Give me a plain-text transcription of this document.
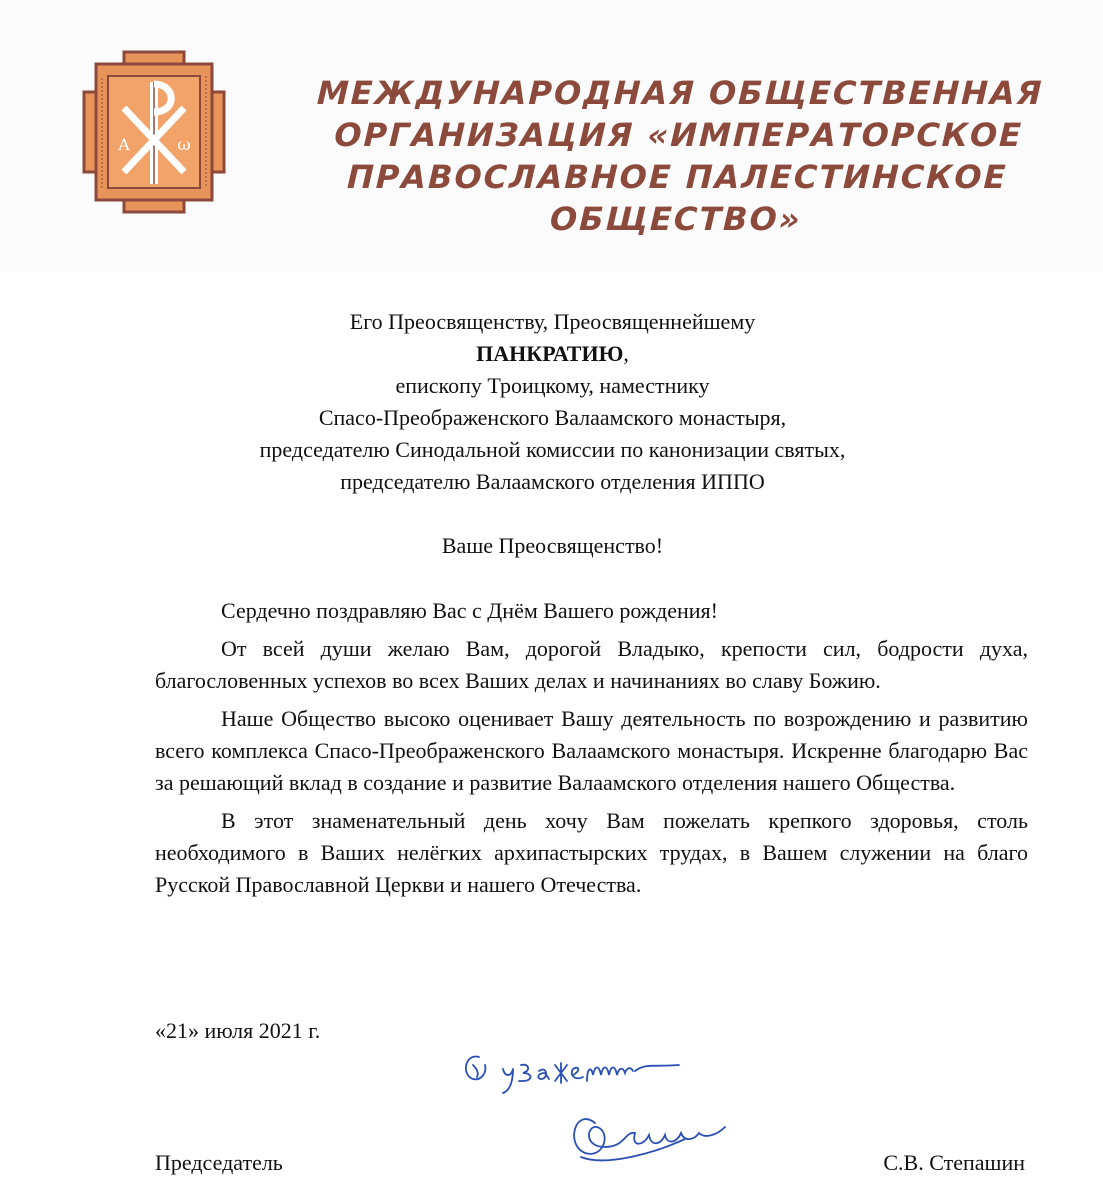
Α	ω
МЕЖДУНАРОДНАЯ ОБЩЕСТВЕННАЯ
ОРГАНИЗАЦИЯ «ИМПЕРАТОРСКОЕ
ПРАВОСЛАВНОЕ ПАЛЕСТИНСКОЕ ОБЩЕСТВО»
Его Преосвященству, Преосвященнейшему
ПАНКРАТИЮ,
епископу Троицкому, наместнику
Спасо-Преображенского Валаамского монастыря,
председателю Синодальной комиссии по канонизации святых,
председателю Валаамского отделения ИППО
Ваше Преосвященство!

Сердечно поздравляю Вас с Днём Вашего рождения!

От всей души желаю Вам, дорогой Владыко, крепости сил, бодрости духа, благословенных успехов во всех Ваших делах и начинаниях во славу Божию.

Наше Общество высоко оценивает Вашу деятельность по возрождению и развитию всего комплекса Спасо-Преображенского Валаамского монастыря. Искренне благодарю Вас за решающий вклад в создание и развитие Валаамского отделения нашего Общества.

В этот знаменательный день хочу Вам пожелать крепкого здоровья, столь необходимого в Ваших нелёгких архипастырских трудах, в Вашем служении на благо Русской Православной Церкви и нашего Отечества.

«21» июля 2021 г.
Председатель	С.В. Степашин
